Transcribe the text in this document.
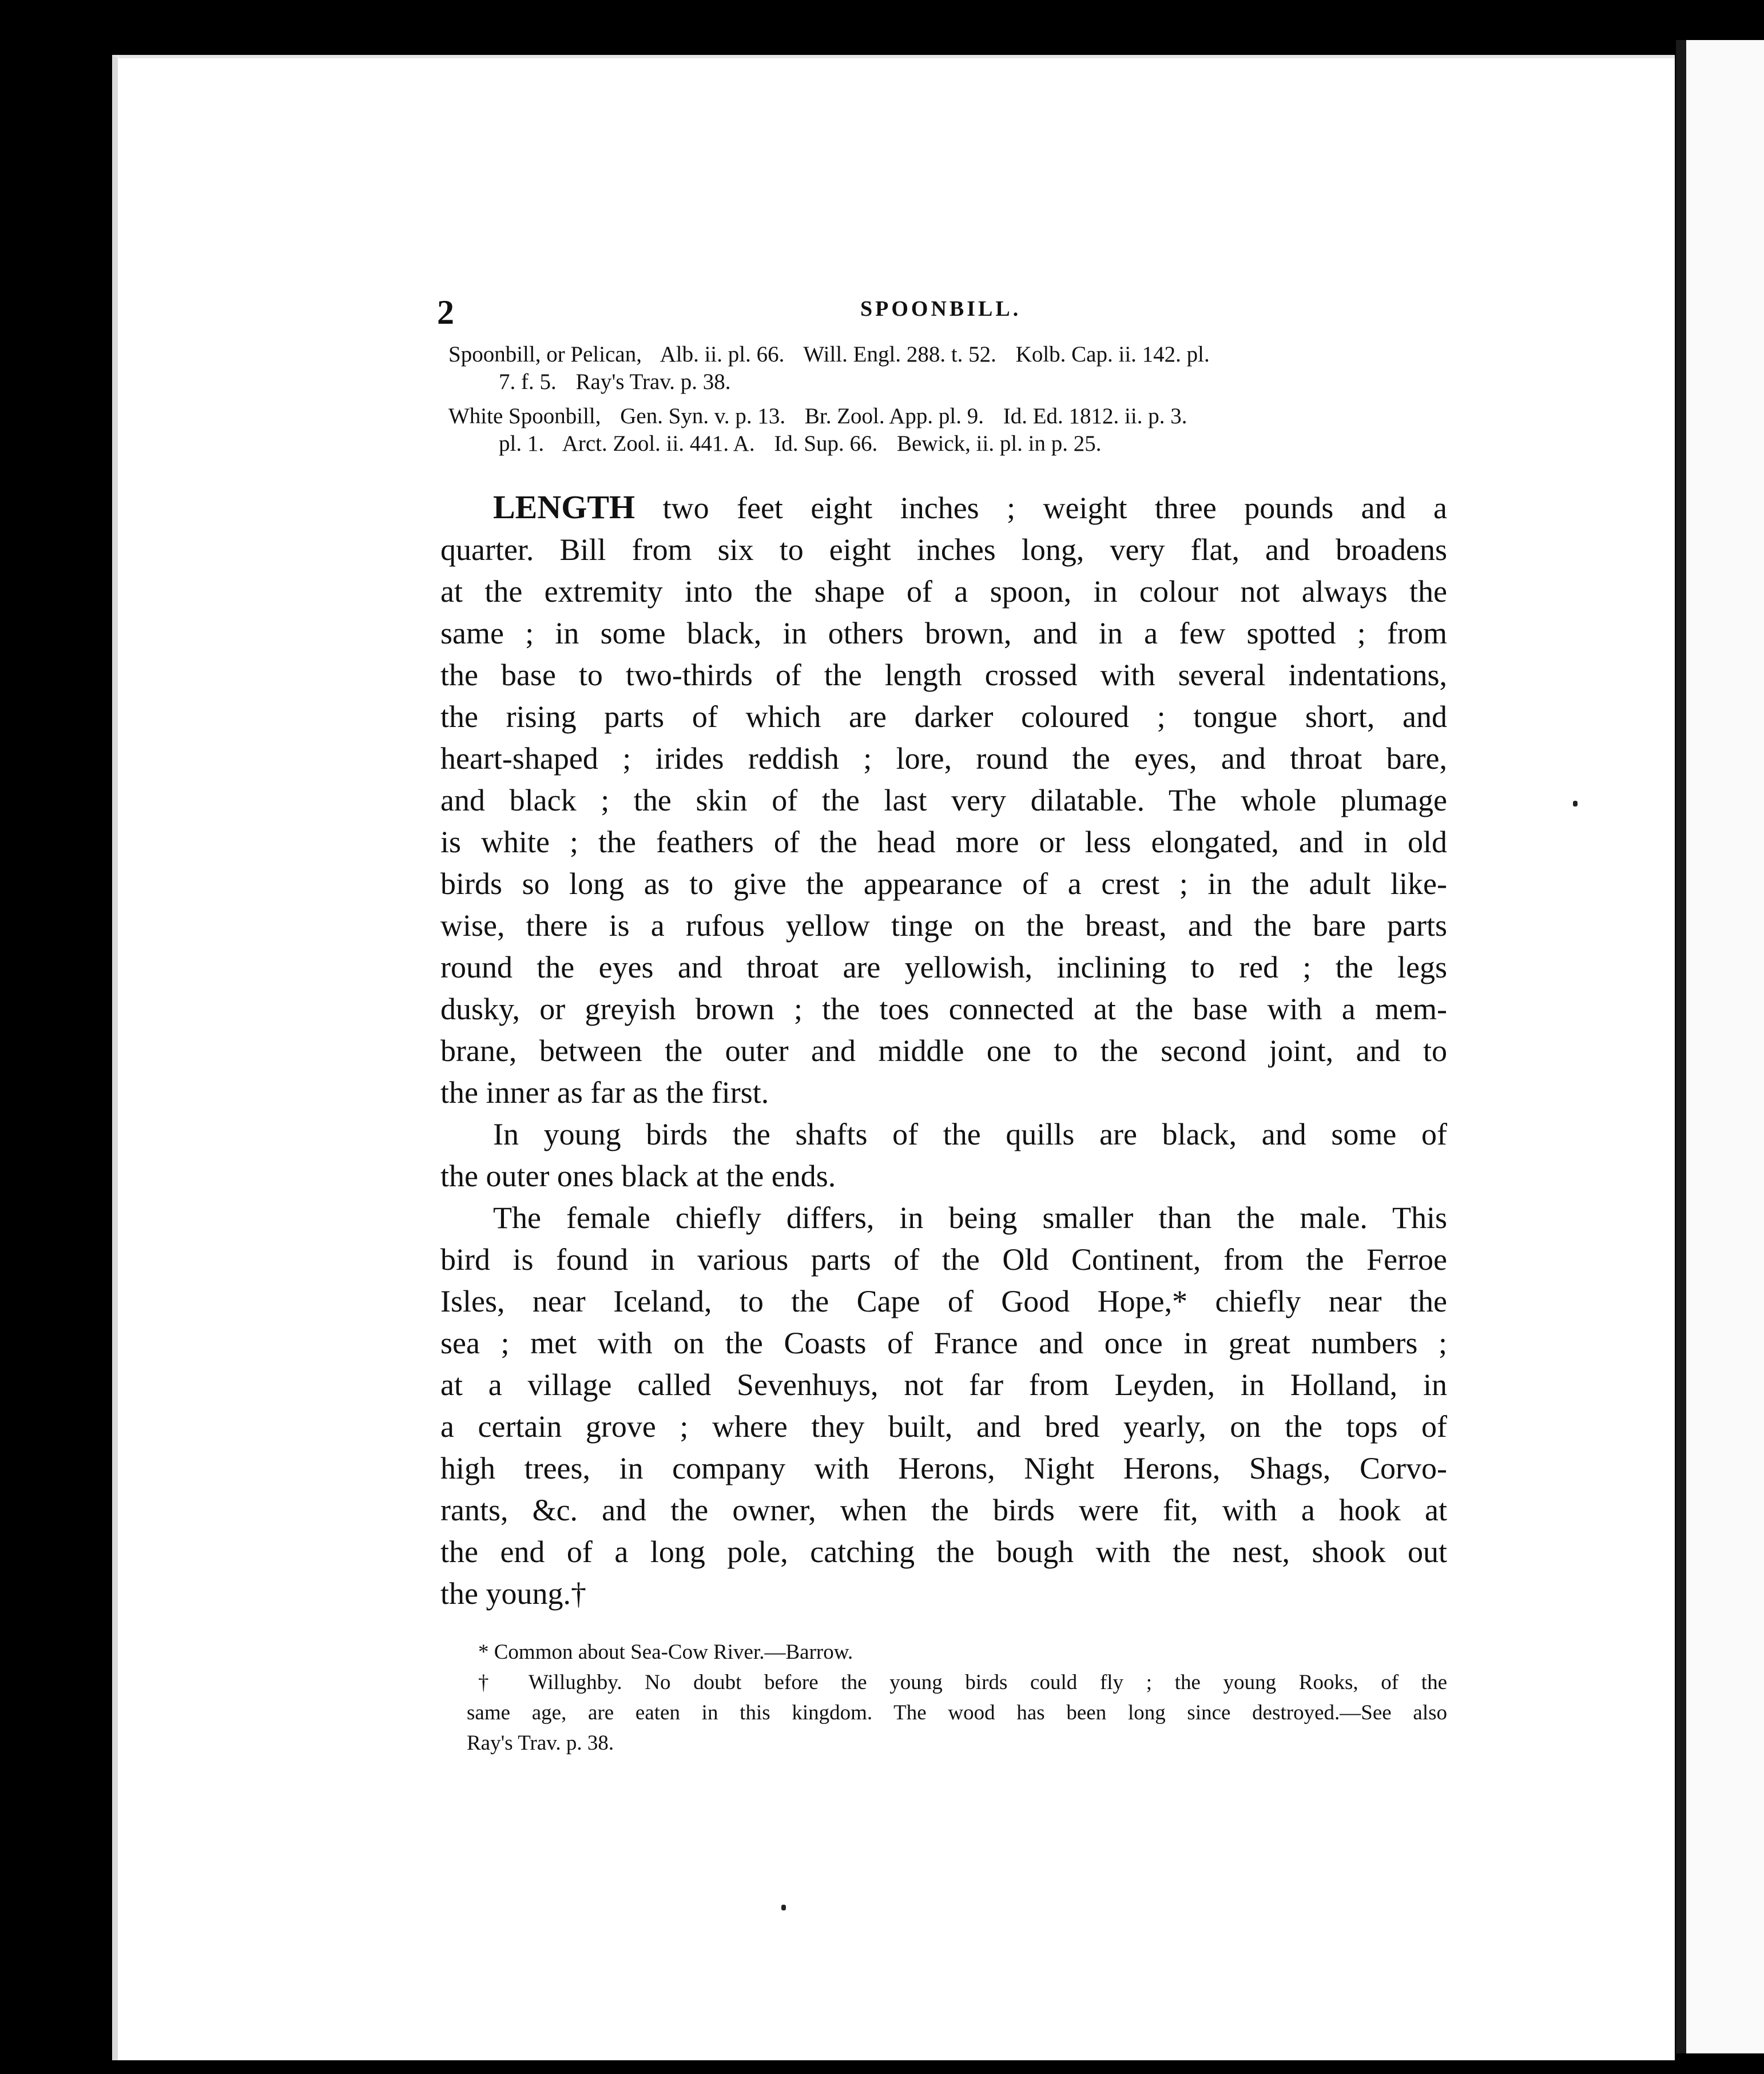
2	SPOONBILL.
Spoonbill, or Pelican, Alb. ii. pl. 66. Will. Engl. 288. t. 52. Kolb. Cap. ii. 142. pl.
7. f. 5. Ray's Trav. p. 38.
White Spoonbill, Gen. Syn. v. p. 13. Br. Zool. App. pl. 9. Id. Ed. 1812. ii. p. 3.
pl. 1. Arct. Zool. ii. 441. A. Id. Sup. 66. Bewick, ii. pl. in p. 25.
LENGTH two feet eight inches ; weight three pounds and a
quarter. Bill from six to eight inches long, very flat, and broadens
at the extremity into the shape of a spoon, in colour not always the
same ; in some black, in others brown, and in a few spotted ; from
the base to two-thirds of the length crossed with several indentations,
the rising parts of which are darker coloured ; tongue short, and
heart-shaped ; irides reddish ; lore, round the eyes, and throat bare,
and black ; the skin of the last very dilatable. The whole plumage
is white ; the feathers of the head more or less elongated, and in old
birds so long as to give the appearance of a crest ; in the adult like-
wise, there is a rufous yellow tinge on the breast, and the bare parts
round the eyes and throat are yellowish, inclining to red ; the legs
dusky, or greyish brown ; the toes connected at the base with a mem-
brane, between the outer and middle one to the second joint, and to
the inner as far as the first.
In young birds the shafts of the quills are black, and some of
the outer ones black at the ends.
The female chiefly differs, in being smaller than the male. This
bird is found in various parts of the Old Continent, from the Ferroe
Isles, near Iceland, to the Cape of Good Hope,* chiefly near the
sea ; met with on the Coasts of France and once in great numbers ;
at a village called Sevenhuys, not far from Leyden, in Holland, in
a certain grove ; where they built, and bred yearly, on the tops of
high trees, in company with Herons, Night Herons, Shags, Corvo-
rants, &c. and the owner, when the birds were fit, with a hook at
the end of a long pole, catching the bough with the nest, shook out
the young.†
* Common about Sea-Cow River.—Barrow.
† Willughby. No doubt before the young birds could fly ; the young Rooks, of the
same age, are eaten in this kingdom. The wood has been long since destroyed.—See also
Ray's Trav. p. 38.
